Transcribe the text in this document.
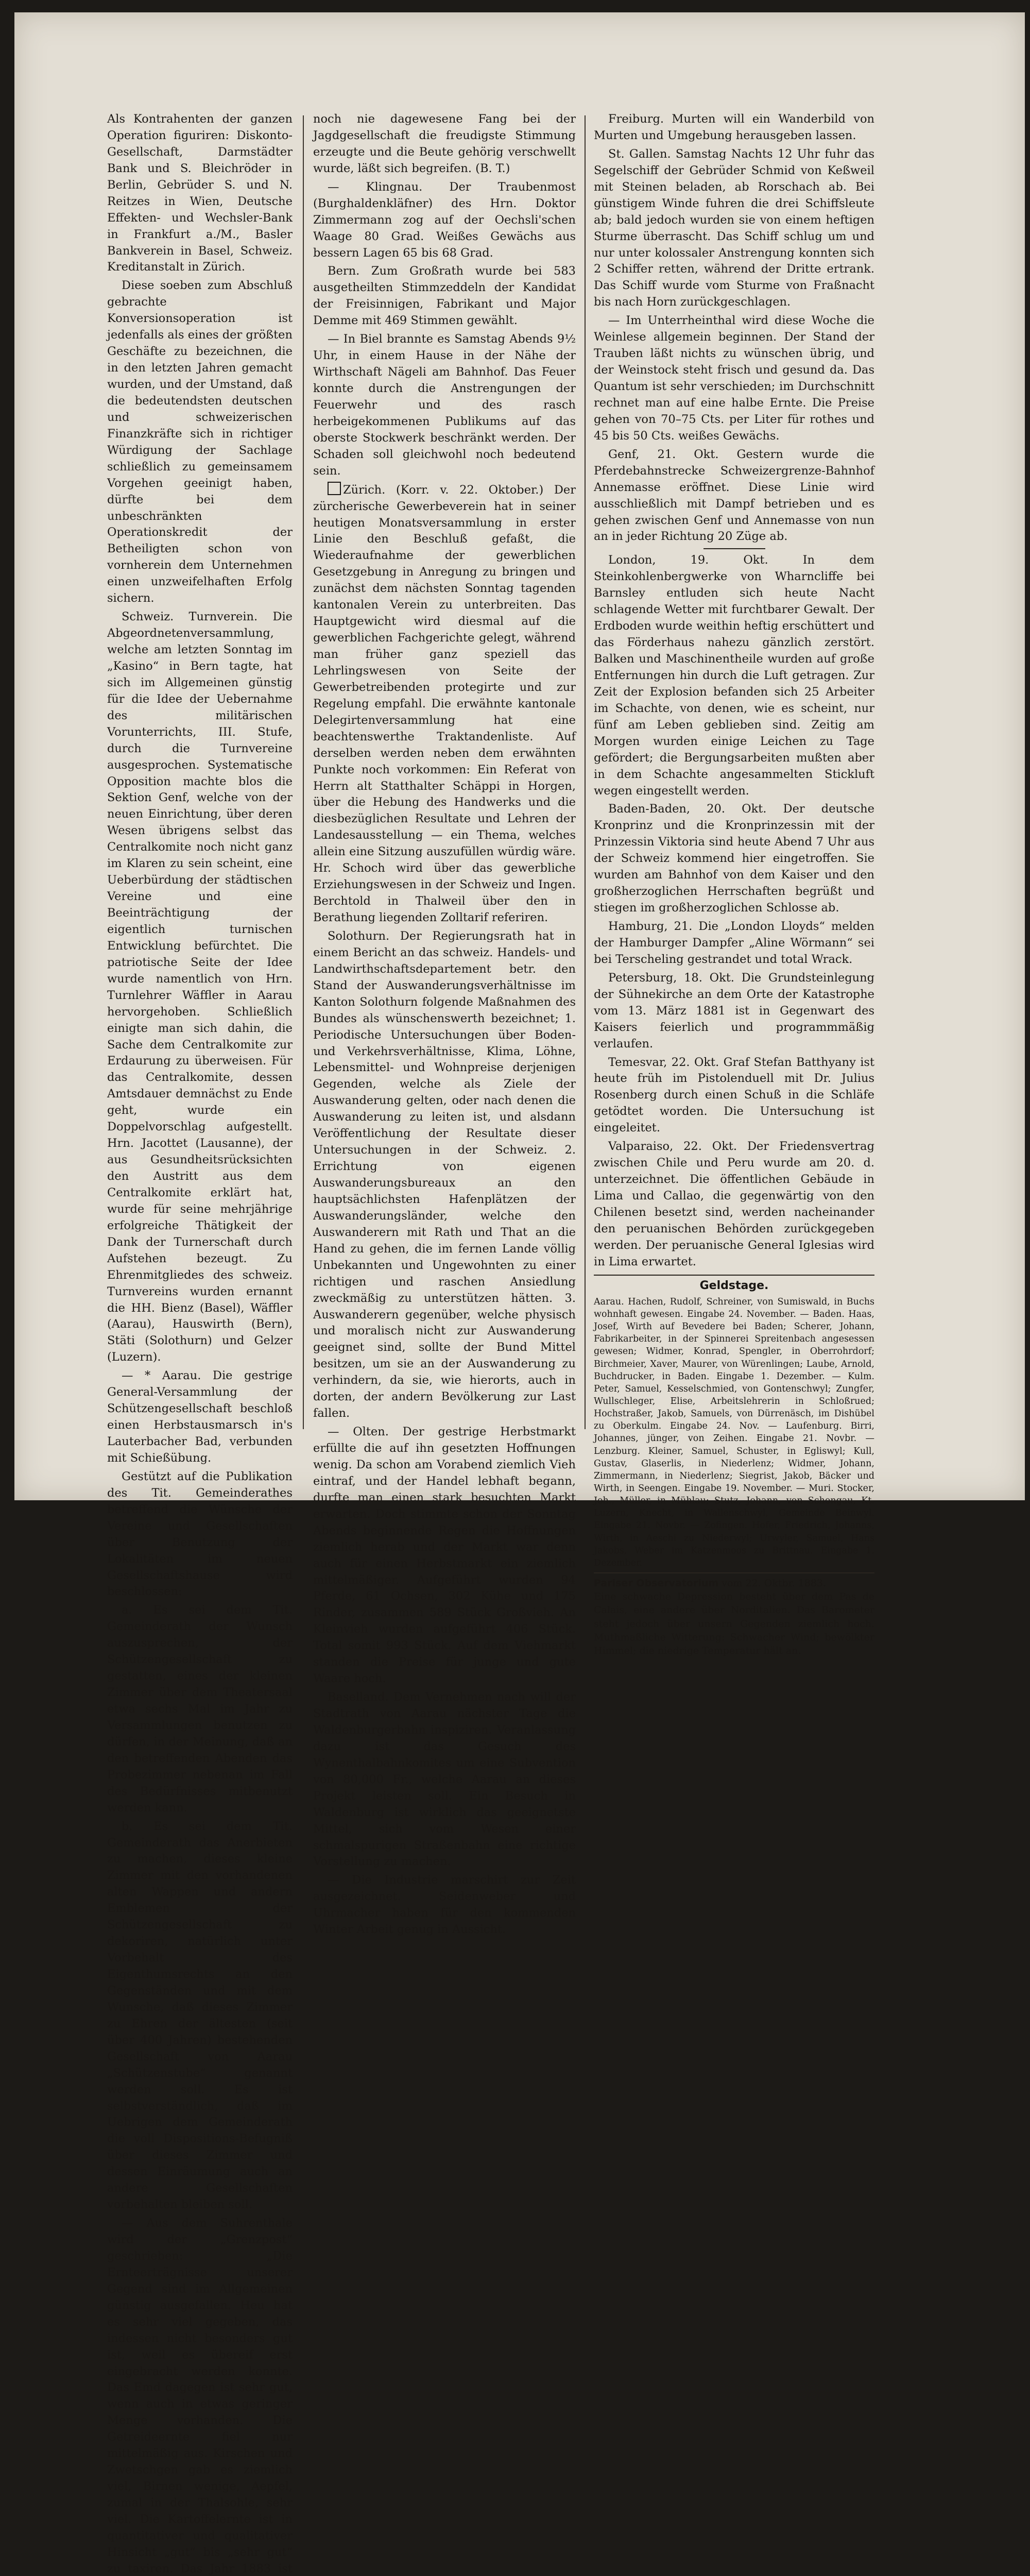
Als Kontrahenten der ganzen Operation figuriren: Diskonto-Gesellschaft, Darmstädter Bank und S. Bleichröder in Berlin, Gebrüder S. und N. Reitzes in Wien, Deutsche Effekten- und Wechsler-Bank in Frankfurt a./M., Basler Bankverein in Basel, Schweiz. Kreditanstalt in Zürich.

Diese soeben zum Abschluß gebrachte Konversionsoperation ist jedenfalls als eines der größten Geschäfte zu bezeichnen, die in den letzten Jahren gemacht wurden, und der Umstand, daß die bedeutendsten deutschen und schweizerischen Finanzkräfte sich in richtiger Würdigung der Sachlage schließlich zu gemeinsamem Vorgehen geeinigt haben, dürfte bei dem unbeschränkten Operationskredit der Betheiligten schon von vornherein dem Unternehmen einen unzweifelhaften Erfolg sichern.

Schweiz. Turnverein. Die Abgeordnetenversammlung, welche am letzten Sonntag im „Kasino“ in Bern tagte, hat sich im Allgemeinen günstig für die Idee der Uebernahme des militärischen Vorunterrichts, III. Stufe, durch die Turnvereine ausgesprochen. Systematische Opposition machte blos die Sektion Genf, welche von der neuen Einrichtung, über deren Wesen übrigens selbst das Centralkomite noch nicht ganz im Klaren zu sein scheint, eine Ueberbürdung der städtischen Vereine und eine Beeinträchtigung der eigentlich turnischen Entwicklung befürchtet. Die patriotische Seite der Idee wurde namentlich von Hrn. Turnlehrer Wäffler in Aarau hervorgehoben. Schließlich einigte man sich dahin, die Sache dem Centralkomite zur Erdaurung zu überweisen. Für das Centralkomite, dessen Amtsdauer demnächst zu Ende geht, wurde ein Doppelvorschlag aufgestellt. Hrn. Jacottet (Lausanne), der aus Gesundheitsrücksichten den Austritt aus dem Centralkomite erklärt hat, wurde für seine mehrjährige erfolgreiche Thätigkeit der Dank der Turnerschaft durch Aufstehen bezeugt. Zu Ehrenmitgliedes des schweiz. Turnvereins wurden ernannt die HH. Bienz (Basel), Wäffler (Aarau), Hauswirth (Bern), Stäti (Solothurn) und Gelzer (Luzern).

— * Aarau. Die gestrige General-Versammlung der Schützengesellschaft beschloß einen Herbstausmarsch in's Lauterbacher Bad, verbunden mit Schießübung.

Gestützt auf die Publikation des Tit. Gemeinderathes betreffend die Wünsche der Vereine und Gesellschaften über Benutzung der Lokalitäten im neuen Gesellschaftshause wird beschlossen:

a. Es sei dem Tit. Gemeinderath der Wunsch auszusprechen, der Schützengesellschaft zu gestatten, eines der kleinen Zimmer über dem Theatersaal etwa sechs Mal im Jahr zu Versammlungen benutzen zu dürfen, in der Meinung, daß an den betreffenden Abenden das Probezimmer nebenan im Fall des Bedürfnisses mitbenutzt werden kann.

b. Es sei dem Tit. Gemeinderath das Anerbieten zu machen, dieses kleine Zimmer mit den vorhandenen alten Wappen und andern Emblemen der Schützengesellschaft zu dekoriren, natürlich unter Vorbehalt des Eigenthumsrechts an den Gegenständen und mit dem Wunsche, daß dieses Zimmer zu Ehren der ältesten (seit über 400 Jahren) bestehenden Gesellschaft von Aarau „Schützenstube“ genannt werden soll. Es ist selbstverständlich, daß im Uebrigen dem Gemeinderath die voll Dispositions-Befugniß über dieses Zimmer und dessen Einräumung auch an andere Gesellschaften vorbehalten bleiben soll.

— Aus dem Suhrenthale wird der „Grenzpost“ geschrieben: „Die Ernteerträgnisse unserer Gegend sind im Allgemeinen günstig ausgefallen. Heu hat es sehr viel gegeben, das indessen nicht besonders gut ist, weil es übereif erst eingebracht werden konnte. Das Emd dagegen ist sehr gut, wenn auch in etwas geringer Menge vorhanden. Die Getreideernte fiel nur mittelmäßig aus. Kirschen und Zwetschgen gab es ziemlich viel, Birnen wenige, Aepfel, zumal in der Thalsohle, sehr viel. Die Kartoffelernte ist in quantitativer und qualitativer Hinsicht „gut“ bis „sehr gut“ zu taxiren. Das Jahr 1883 ist

noch nie dagewesene Fang bei der Jagdgesellschaft die freudigste Stimmung erzeugte und die Beute gehörig verschwellt wurde, läßt sich begreifen. (B. T.)

— Klingnau. Der Traubenmost (Burghaldenkläfner) des Hrn. Doktor Zimmermann zog auf der Oechsli'schen Waage 80 Grad. Weißes Gewächs aus bessern Lagen 65 bis 68 Grad.

Bern. Zum Großrath wurde bei 583 ausgetheilten Stimmzeddeln der Kandidat der Freisinnigen, Fabrikant und Major Demme mit 469 Stimmen gewählt.

— In Biel brannte es Samstag Abends 9½ Uhr, in einem Hause in der Nähe der Wirthschaft Nägeli am Bahnhof. Das Feuer konnte durch die Anstrengungen der Feuerwehr und des rasch herbeigekommenen Publikums auf das oberste Stockwerk beschränkt werden. Der Schaden soll gleichwohl noch bedeutend sein.

Zürich. (Korr. v. 22. Oktober.) Der zürcherische Gewerbeverein hat in seiner heutigen Monatsversammlung in erster Linie den Beschluß gefaßt, die Wiederaufnahme der gewerblichen Gesetzgebung in Anregung zu bringen und zunächst dem nächsten Sonntag tagenden kantonalen Verein zu unterbreiten. Das Hauptgewicht wird diesmal auf die gewerblichen Fachgerichte gelegt, während man früher ganz speziell das Lehrlingswesen von Seite der Gewerbetreibenden protegirte und zur Regelung empfahl. Die erwähnte kantonale Delegirtenversammlung hat eine beachtenswerthe Traktandenliste. Auf derselben werden neben dem erwähnten Punkte noch vorkommen: Ein Referat von Herrn alt Statthalter Schäppi in Horgen, über die Hebung des Handwerks und die diesbezüglichen Resultate und Lehren der Landesausstellung — ein Thema, welches allein eine Sitzung auszufüllen würdig wäre. Hr. Schoch wird über das gewerbliche Erziehungswesen in der Schweiz und Ingen. Berchtold in Thalweil über den in Berathung liegenden Zolltarif referiren.

Solothurn. Der Regierungsrath hat in einem Bericht an das schweiz. Handels- und Landwirthschaftsdepartement betr. den Stand der Auswanderungsverhältnisse im Kanton Solothurn folgende Maßnahmen des Bundes als wünschenswerth bezeichnet; 1. Periodische Untersuchungen über Boden- und Verkehrsverhältnisse, Klima, Löhne, Lebensmittel- und Wohnpreise derjenigen Gegenden, welche als Ziele der Auswanderung gelten, oder nach denen die Auswanderung zu leiten ist, und alsdann Veröffentlichung der Resultate dieser Untersuchungen in der Schweiz. 2. Errichtung von eigenen Auswanderungsbureaux an den hauptsächlichsten Hafenplätzen der Auswanderungsländer, welche den Auswanderern mit Rath und That an die Hand zu gehen, die im fernen Lande völlig Unbekannten und Ungewohnten zu einer richtigen und raschen Ansiedlung zweckmäßig zu unterstützen hätten. 3. Auswanderern gegenüber, welche physisch und moralisch nicht zur Auswanderung geeignet sind, sollte der Bund Mittel besitzen, um sie an der Auswanderung zu verhindern, da sie, wie hierorts, auch in dorten, der andern Bevölkerung zur Last fallen.

— Olten. Der gestrige Herbstmarkt erfüllte die auf ihn gesetzten Hoffnungen wenig. Da schon am Vorabend ziemlich Vieh eintraf, und der Handel lebhaft begann, durfte man einen stark besuchten Markt erwarten. Doch stimmte schon der Sonntag Abends beginnende Regen die Hoffnungen ziemlich herab und der Markt war denn auch für einen Herbstmarkt ein ziemlich mittelmäßiger. Aufgeführt wurden 94 Pferde, 61 Ochsen, 302 Kühe und 175 Rinder, zusammen 589 Stück Großvieh. An Kleinvieh wurden aufgeführt 406 Stück. Total somit 993 Stück. Auf dem Viehmarkt standen die Preise für junge und gute Waare hoch.

Baselland. Dem Vernehmen nach will der Stadtrath von Aarau nächster Tage die Waldenburgerbahn inspiziren. Veranlassung dazu ist das Gesuch des Wynenthalbahnkomites um eine Subvention von 80,000 Fr., welche Aarau an dieses Projekt leisten soll. Ein Besuch in Waldenburg ist wirklich das geeignetste Mittel, sich vom Wesen einer schmalspurigen Straßenbahn eine richtige Vorstellung zu machen.

— Die Industrie marschirt zur Zeit ausgezeichnet. Seidenweber und Uhrmacher haben für den kommenden Winter Arbeit genug in Aussicht.

Freiburg. Murten will ein Wanderbild von Murten und Umgebung herausgeben lassen.

St. Gallen. Samstag Nachts 12 Uhr fuhr das Segelschiff der Gebrüder Schmid von Keßweil mit Steinen beladen, ab Rorschach ab. Bei günstigem Winde fuhren die drei Schiffsleute ab; bald jedoch wurden sie von einem heftigen Sturme überrascht. Das Schiff schlug um und nur unter kolossaler Anstrengung konnten sich 2 Schiffer retten, während der Dritte ertrank. Das Schiff wurde vom Sturme von Fraßnacht bis nach Horn zurückgeschlagen.

— Im Unterrheinthal wird diese Woche die Weinlese allgemein beginnen. Der Stand der Trauben läßt nichts zu wünschen übrig, und der Weinstock steht frisch und gesund da. Das Quantum ist sehr verschieden; im Durchschnitt rechnet man auf eine halbe Ernte. Die Preise gehen von 70–75 Cts. per Liter für rothes und 45 bis 50 Cts. weißes Gewächs.

Genf, 21. Okt. Gestern wurde die Pferdebahnstrecke Schweizergrenze-Bahnhof Annemasse eröffnet. Diese Linie wird ausschließlich mit Dampf betrieben und es gehen zwischen Genf und Annemasse von nun an in jeder Richtung 20 Züge ab.

London, 19. Okt. In dem Steinkohlenbergwerke von Wharncliffe bei Barnsley entluden sich heute Nacht schlagende Wetter mit furchtbarer Gewalt. Der Erdboden wurde weithin heftig erschüttert und das Förderhaus nahezu gänzlich zerstört. Balken und Maschinentheile wurden auf große Entfernungen hin durch die Luft getragen. Zur Zeit der Explosion befanden sich 25 Arbeiter im Schachte, von denen, wie es scheint, nur fünf am Leben geblieben sind. Zeitig am Morgen wurden einige Leichen zu Tage gefördert; die Bergungsarbeiten mußten aber in dem Schachte angesammelten Stickluft wegen eingestellt werden.

Baden-Baden, 20. Okt. Der deutsche Kronprinz und die Kronprinzessin mit der Prinzessin Viktoria sind heute Abend 7 Uhr aus der Schweiz kommend hier eingetroffen. Sie wurden am Bahnhof von dem Kaiser und den großherzoglichen Herrschaften begrüßt und stiegen im großherzoglichen Schlosse ab.

Hamburg, 21. Die „London Lloyds“ melden der Hamburger Dampfer „Aline Wörmann“ sei bei Terscheling gestrandet und total Wrack.

Petersburg, 18. Okt. Die Grundsteinlegung der Sühnekirche an dem Orte der Katastrophe vom 13. März 1881 ist in Gegenwart des Kaisers feierlich und programmmäßig verlaufen.

Temesvar, 22. Okt. Graf Stefan Batthyany ist heute früh im Pistolenduell mit Dr. Julius Rosenberg durch einen Schuß in die Schläfe getödtet worden. Die Untersuchung ist eingeleitet.

Valparaiso, 22. Okt. Der Friedensvertrag zwischen Chile und Peru wurde am 20. d. unterzeichnet. Die öffentlichen Gebäude in Lima und Callao, die gegenwärtig von den Chilenen besetzt sind, werden nacheinander den peruanischen Behörden zurückgegeben werden. Der peruanische General Iglesias wird in Lima erwartet.

Geldstage.
Aarau. Hachen, Rudolf, Schreiner, von Sumiswald, in Buchs wohnhaft gewesen. Eingabe 24. November. — Baden. Haas, Josef, Wirth auf Bevedere bei Baden; Scherer, Johann, Fabrikarbeiter, in der Spinnerei Spreitenbach angesessen gewesen; Widmer, Konrad, Spengler, in Oberrohrdorf; Birchmeier, Xaver, Maurer, von Würenlingen; Laube, Arnold, Buchdrucker, in Baden. Eingabe 1. Dezember. — Kulm. Peter, Samuel, Kesselschmied, von Gontenschwyl; Zungfer, Wullschleger, Elise, Arbeitslehrerin in Schloßrued; Hochstraßer, Jakob, Samuels, von Dürrenäsch, im Dishübel zu Oberkulm. Eingabe 24. Nov. — Laufenburg. Birri, Johannes, jünger, von Zeihen. Eingabe 21. Novbr. — Lenzburg. Kleiner, Samuel, Schuster, in Egliswyl; Kull, Gustav, Glaserlis, in Niederlenz; Widmer, Johann, Zimmermann, in Niederlenz; Siegrist, Jakob, Bäcker und Wirth, in Seengen. Eingabe 19. November. — Muri. Stocker, Joh., Müller, in Mühlau; Stutz, Johann, von Schongau, Kt. Luzern, Knecht, in Wallenschwyl, Gemeinde Beinwyl. Eingabe 21. Novbr. — Zofingen. Hofer, Friedrich, Johanns, Wirth, in Aeschi zu Niederwyl; Urwyler, Samuel, Hans Jakobs, Weber im Katzenmoos zu Brittnau. Eingabe 1. Dezember.
Pariser Observatorium vom 22. Oktbr. 1883.
Eine schwache Depression besteht über dem Pas de Calais, eine andere über Norditalien. Das Barometer steht jedoch über unsern Gegenden ziemlich hoch. Muthmaßliche Witterung: Schwacher Wind; bewölkter Himmel; die niedrige Temperatur hält an.
